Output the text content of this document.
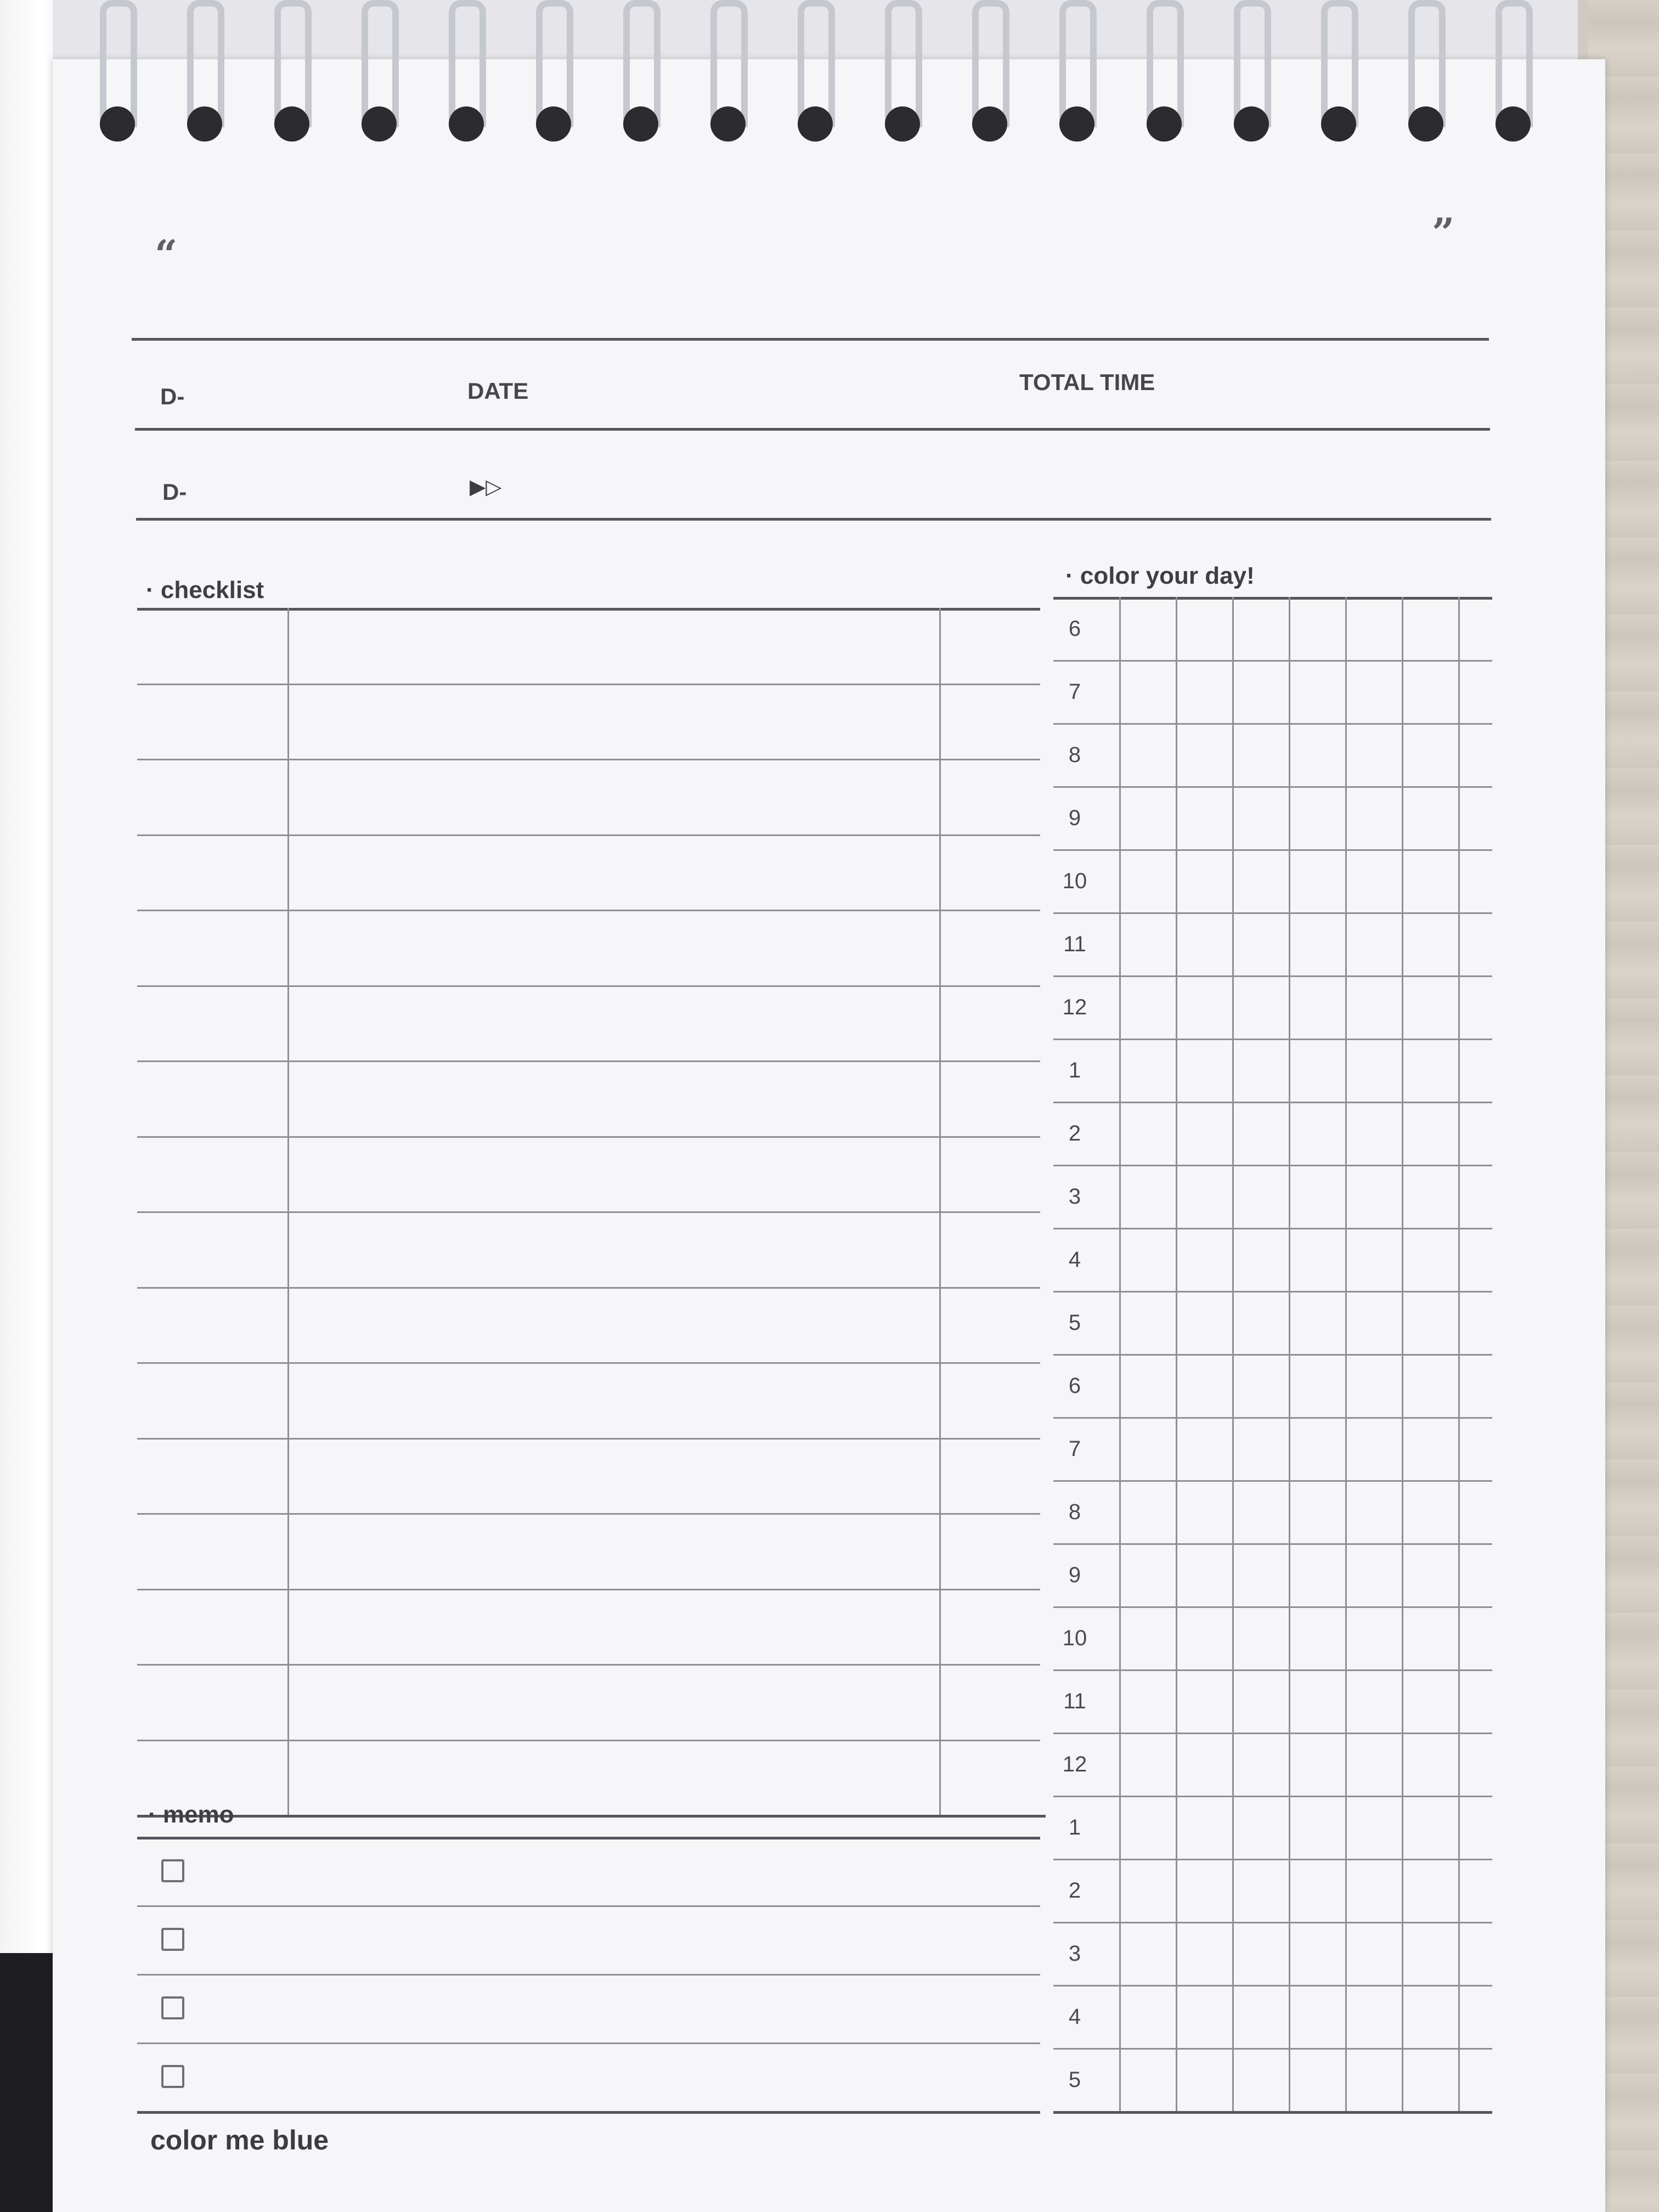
“	”
D-	DATE	TOTAL TIME
D-	▶▷
· checklist
· color your day!
6
7
8
9
10
11
12
1
2
3
4
5
6
7
8
9
10
11
12
1
2
3
4
5
· memo
color me blue
